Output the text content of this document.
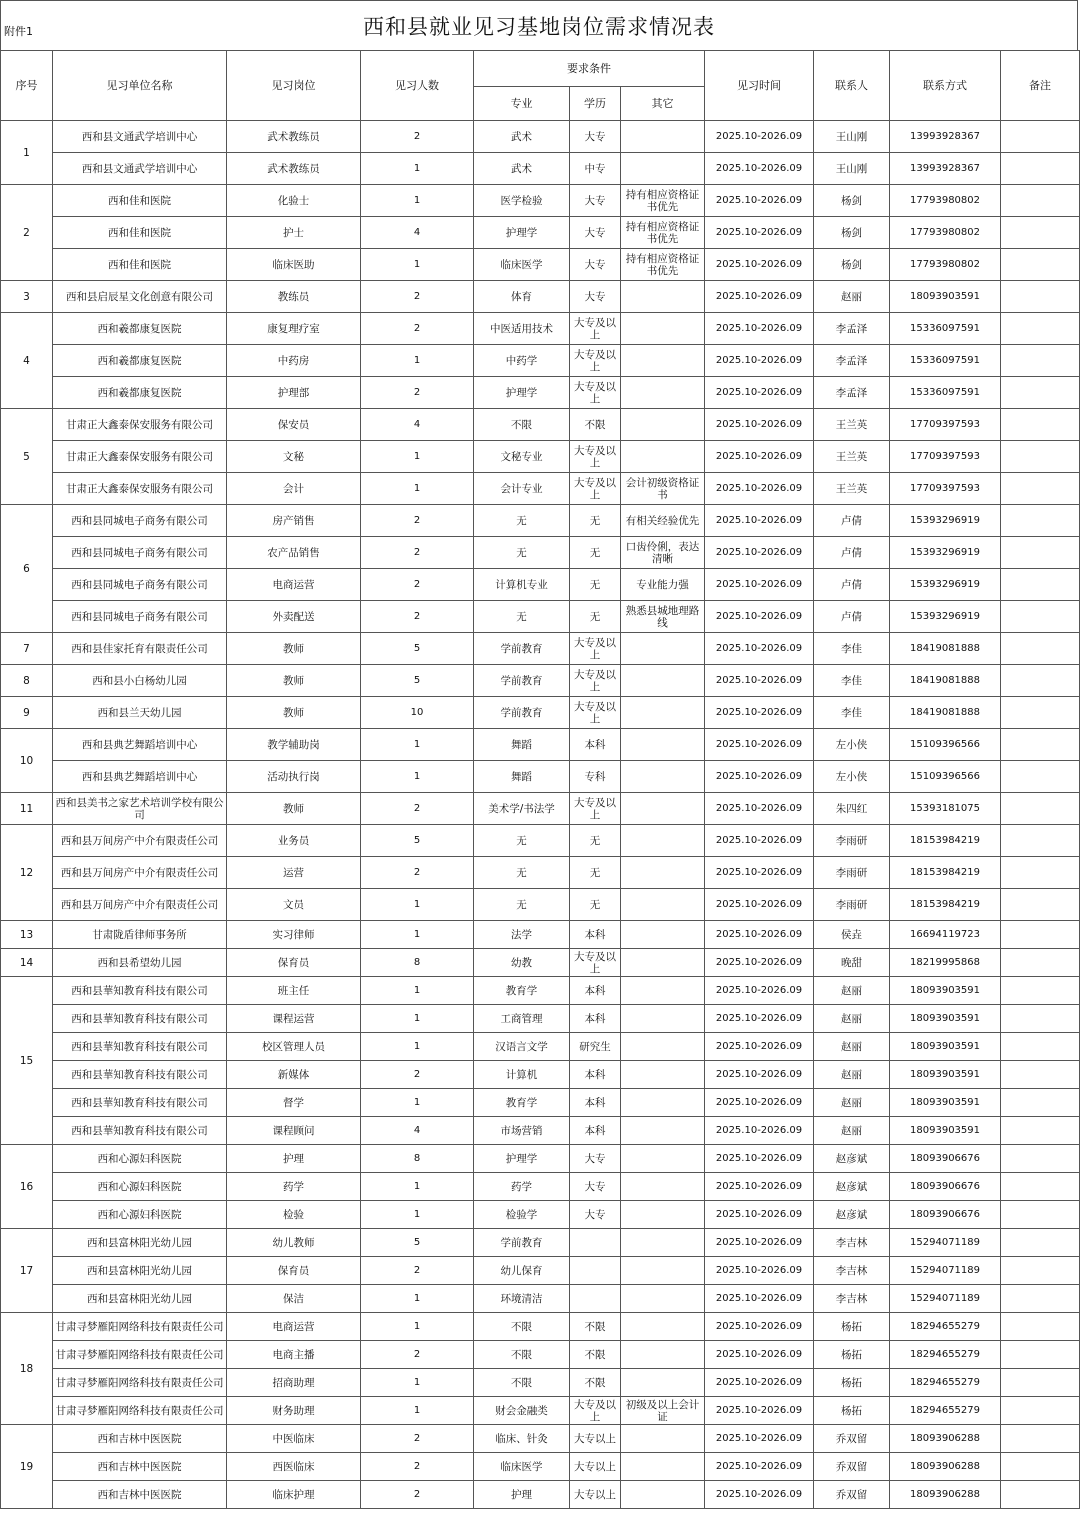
附件1	西和县就业见习基地岗位需求情况表
序号	见习单位名称	见习岗位	见习人数	要求条件			见习时间	联系人	联系方式	备注
				专业	学历	其它				
1	西和县文通武学培训中心	武术教练员	2	武术	大专		2025.10-2026.09	王山刚	13993928367	
	西和县文通武学培训中心	武术教练员	1	武术	中专		2025.10-2026.09	王山刚	13993928367	
2	西和佳和医院	化验士	1	医学检验	大专	持有相应资格证书优先	2025.10-2026.09	杨剑	17793980802	
	西和佳和医院	护士	4	护理学	大专	持有相应资格证书优先	2025.10-2026.09	杨剑	17793980802	
	西和佳和医院	临床医助	1	临床医学	大专	持有相应资格证书优先	2025.10-2026.09	杨剑	17793980802	
3	西和县启辰星文化创意有限公司	教练员	2	体育	大专		2025.10-2026.09	赵丽	18093903591	
4	西和羲都康复医院	康复理疗室	2	中医适用技术	大专及以上		2025.10-2026.09	李孟泽	15336097591	
	西和羲都康复医院	中药房	1	中药学	大专及以上		2025.10-2026.09	李孟泽	15336097591	
	西和羲都康复医院	护理部	2	护理学	大专及以上		2025.10-2026.09	李孟泽	15336097591	
5	甘肃正大鑫泰保安服务有限公司	保安员	4	不限	不限		2025.10-2026.09	王兰英	17709397593	
	甘肃正大鑫泰保安服务有限公司	文秘	1	文秘专业	大专及以上		2025.10-2026.09	王兰英	17709397593	
	甘肃正大鑫泰保安服务有限公司	会计	1	会计专业	大专及以上	会计初级资格证书	2025.10-2026.09	王兰英	17709397593	
6	西和县同城电子商务有限公司	房产销售	2	无	无	有相关经验优先	2025.10-2026.09	卢倩	15393296919	
	西和县同城电子商务有限公司	农产品销售	2	无	无	口齿伶俐，表达清晰	2025.10-2026.09	卢倩	15393296919	
	西和县同城电子商务有限公司	电商运营	2	计算机专业	无	专业能力强	2025.10-2026.09	卢倩	15393296919	
	西和县同城电子商务有限公司	外卖配送	2	无	无	熟悉县城地理路线	2025.10-2026.09	卢倩	15393296919	
7	西和县佳家托育有限责任公司	教师	5	学前教育	大专及以上		2025.10-2026.09	李佳	18419081888	
8	西和县小白杨幼儿园	教师	5	学前教育	大专及以上		2025.10-2026.09	李佳	18419081888	
9	西和县兰天幼儿园	教师	10	学前教育	大专及以上		2025.10-2026.09	李佳	18419081888	
10	西和县典艺舞蹈培训中心	教学辅助岗	1	舞蹈	本科		2025.10-2026.09	左小侠	15109396566	
	西和县典艺舞蹈培训中心	活动执行岗	1	舞蹈	专科		2025.10-2026.09	左小侠	15109396566	
11	西和县美书之家艺术培训学校有限公司	教师	2	美术学/书法学	大专及以上		2025.10-2026.09	朱四红	15393181075	
12	西和县万间房产中介有限责任公司	业务员	5	无	无		2025.10-2026.09	李雨研	18153984219	
	西和县万间房产中介有限责任公司	运营	2	无	无		2025.10-2026.09	李雨研	18153984219	
	西和县万间房产中介有限责任公司	文员	1	无	无		2025.10-2026.09	李雨研	18153984219	
13	甘肃陇盾律师事务所	实习律师	1	法学	本科		2025.10-2026.09	侯垚	16694119723	
14	西和县希望幼儿园	保育员	8	幼教	大专及以上		2025.10-2026.09	晚甜	18219995868	
15	西和县華知教育科技有限公司	班主任	1	教育学	本科		2025.10-2026.09	赵丽	18093903591	
	西和县華知教育科技有限公司	课程运营	1	工商管理	本科		2025.10-2026.09	赵丽	18093903591	
	西和县華知教育科技有限公司	校区管理人员	1	汉语言文学	研究生		2025.10-2026.09	赵丽	18093903591	
	西和县華知教育科技有限公司	新媒体	2	计算机	本科		2025.10-2026.09	赵丽	18093903591	
	西和县華知教育科技有限公司	督学	1	教育学	本科		2025.10-2026.09	赵丽	18093903591	
	西和县華知教育科技有限公司	课程顾问	4	市场营销	本科		2025.10-2026.09	赵丽	18093903591	
16	西和心源妇科医院	护理	8	护理学	大专		2025.10-2026.09	赵彦斌	18093906676	
	西和心源妇科医院	药学	1	药学	大专		2025.10-2026.09	赵彦斌	18093906676	
	西和心源妇科医院	检验	1	检验学	大专		2025.10-2026.09	赵彦斌	18093906676	
17	西和县富林阳光幼儿园	幼儿教师	5	学前教育			2025.10-2026.09	李吉林	15294071189	
	西和县富林阳光幼儿园	保育员	2	幼儿保育			2025.10-2026.09	李吉林	15294071189	
	西和县富林阳光幼儿园	保洁	1	环境清洁			2025.10-2026.09	李吉林	15294071189	
18	甘肃寻梦雁阳网络科技有限责任公司	电商运营	1	不限	不限		2025.10-2026.09	杨拓	18294655279	
	甘肃寻梦雁阳网络科技有限责任公司	电商主播	2	不限	不限		2025.10-2026.09	杨拓	18294655279	
	甘肃寻梦雁阳网络科技有限责任公司	招商助理	1	不限	不限		2025.10-2026.09	杨拓	18294655279	
	甘肃寻梦雁阳网络科技有限责任公司	财务助理	1	财会金融类	大专及以上	初级及以上会计证	2025.10-2026.09	杨拓	18294655279	
19	西和吉林中医医院	中医临床	2	临床、针灸	大专以上		2025.10-2026.09	乔双留	18093906288	
	西和吉林中医医院	西医临床	2	临床医学	大专以上		2025.10-2026.09	乔双留	18093906288	
	西和吉林中医医院	临床护理	2	护理	大专以上		2025.10-2026.09	乔双留	18093906288	
